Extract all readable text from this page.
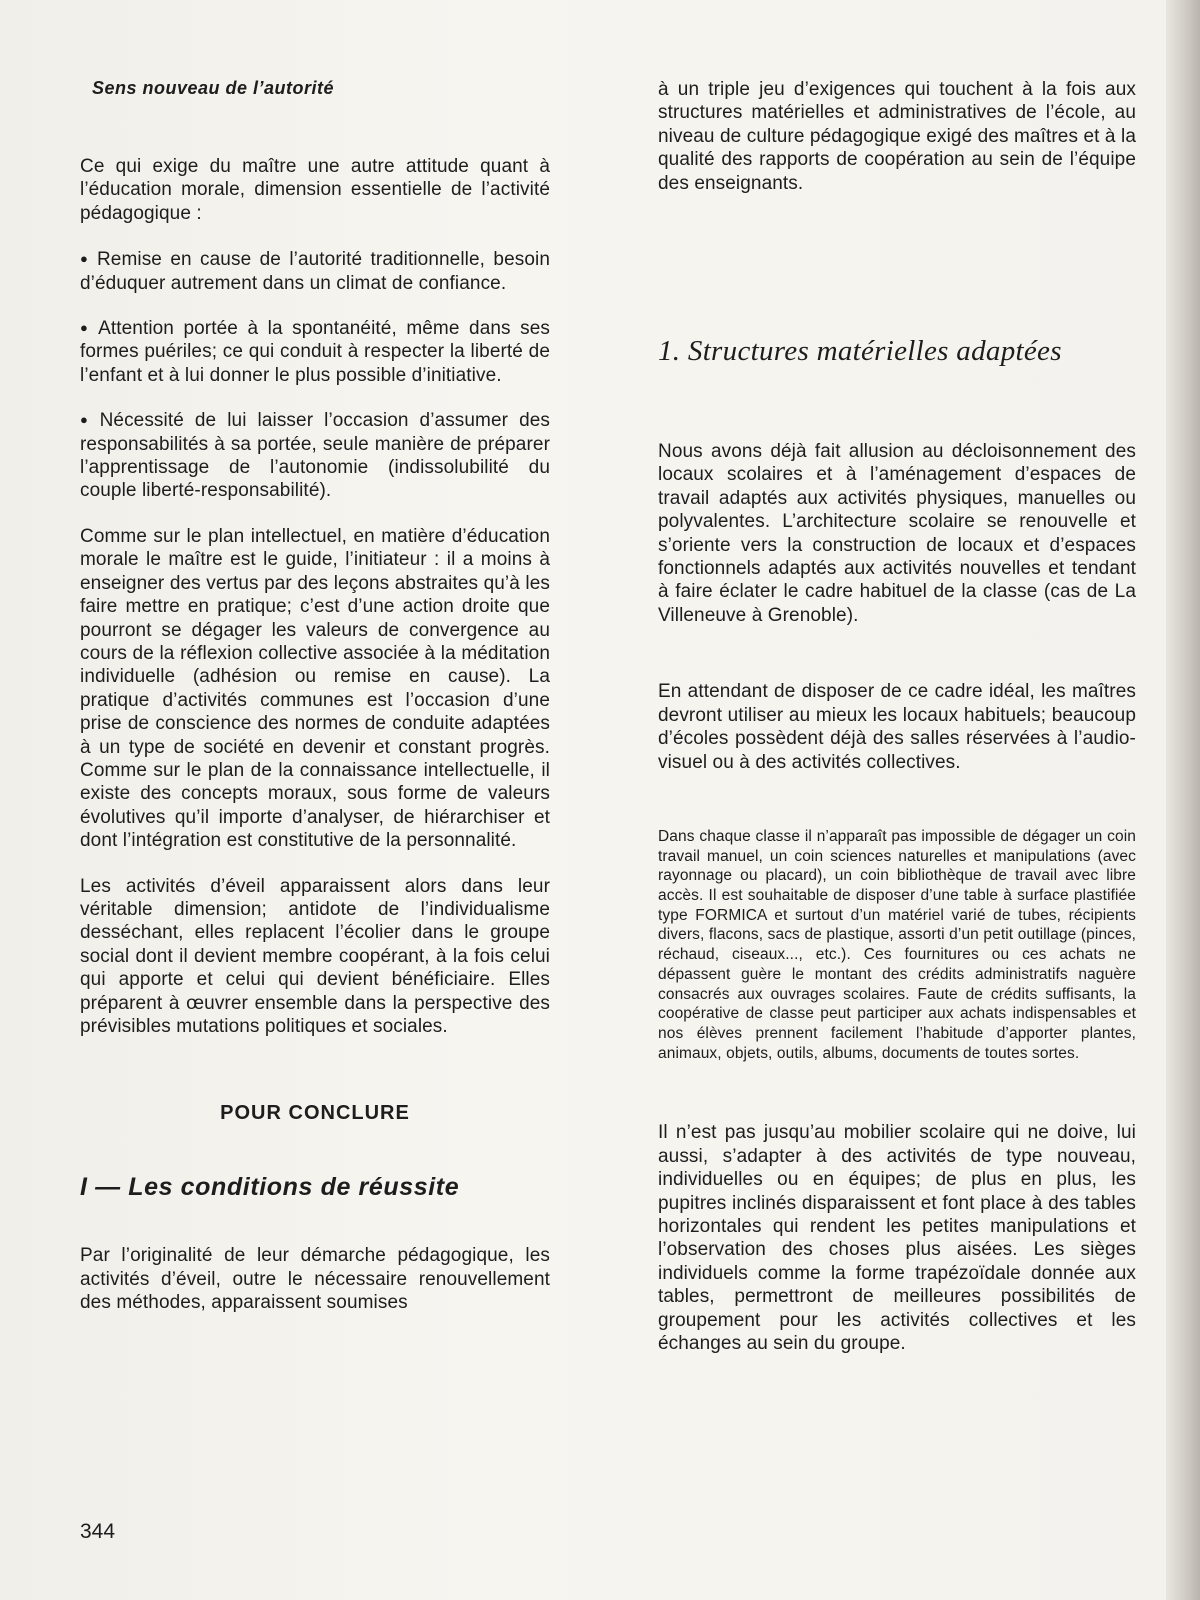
Sens nouveau de l’autorité

Ce qui exige du maître une autre attitude quant à l’éducation morale, dimension essentielle de l’activité pédagogique :

● Remise en cause de l’autorité traditionnelle, besoin d’éduquer autrement dans un climat de confiance.

● Attention portée à la spontanéité, même dans ses formes puériles; ce qui conduit à respecter la liberté de l’enfant et à lui donner le plus possible d’initiative.

● Nécessité de lui laisser l’occasion d’assumer des responsabilités à sa portée, seule manière de préparer l’apprentissage de l’autonomie (indissolubilité du couple liberté-responsabilité).

Comme sur le plan intellectuel, en matière d’éducation morale le maître est le guide, l’initiateur : il a moins à enseigner des vertus par des leçons abstraites qu’à les faire mettre en pratique; c’est d’une action droite que pourront se dégager les valeurs de convergence au cours de la réflexion collective associée à la méditation individuelle (adhésion ou remise en cause). La pratique d’activités communes est l’occasion d’une prise de conscience des normes de conduite adaptées à un type de société en devenir et constant progrès. Comme sur le plan de la connaissance intellectuelle, il existe des concepts moraux, sous forme de valeurs évolutives qu’il importe d’analyser, de hiérarchiser et dont l’intégration est constitutive de la personnalité.

Les activités d’éveil apparaissent alors dans leur véritable dimension; antidote de l’individualisme desséchant, elles replacent l’écolier dans le groupe social dont il devient membre coopérant, à la fois celui qui apporte et celui qui devient bénéficiaire. Elles préparent à œuvrer ensemble dans la perspective des prévisibles mutations politiques et sociales.

POUR CONCLURE
I — Les conditions de réussite

Par l’originalité de leur démarche pédagogique, les activités d’éveil, outre le nécessaire renouvellement des méthodes, apparaissent soumises

à un triple jeu d’exigences qui touchent à la fois aux structures matérielles et administratives de l’école, au niveau de culture pédagogique exigé des maîtres et à la qualité des rapports de coopération au sein de l’équipe des enseignants.

1. Structures matérielles adaptées

Nous avons déjà fait allusion au décloisonnement des locaux scolaires et à l’aménagement d’espaces de travail adaptés aux activités physiques, manuelles ou polyvalentes. L’architecture scolaire se renouvelle et s’oriente vers la construction de locaux et d’espaces fonctionnels adaptés aux activités nouvelles et tendant à faire éclater le cadre habituel de la classe (cas de La Villeneuve à Grenoble).

En attendant de disposer de ce cadre idéal, les maîtres devront utiliser au mieux les locaux habituels; beaucoup d’écoles possèdent déjà des salles réservées à l’audio-visuel ou à des activités collectives.

Dans chaque classe il n’apparaît pas impossible de dégager un coin travail manuel, un coin sciences naturelles et manipulations (avec rayonnage ou placard), un coin bibliothèque de travail avec libre accès. Il est souhaitable de disposer d’une table à surface plastifiée type FORMICA et surtout d’un matériel varié de tubes, récipients divers, flacons, sacs de plastique, assorti d’un petit outillage (pinces, réchaud, ciseaux..., etc.). Ces fournitures ou ces achats ne dépassent guère le montant des crédits administratifs naguère consacrés aux ouvrages scolaires. Faute de crédits suffisants, la coopérative de classe peut participer aux achats indispensables et nos élèves prennent facilement l’habitude d’apporter plantes, animaux, objets, outils, albums, documents de toutes sortes.

Il n’est pas jusqu’au mobilier scolaire qui ne doive, lui aussi, s’adapter à des activités de type nouveau, individuelles ou en équipes; de plus en plus, les pupitres inclinés disparaissent et font place à des tables horizontales qui rendent les petites manipulations et l’observation des choses plus aisées. Les sièges individuels comme la forme trapézoïdale donnée aux tables, permettront de meilleures possibilités de groupement pour les activités collectives et les échanges au sein du groupe.

344
